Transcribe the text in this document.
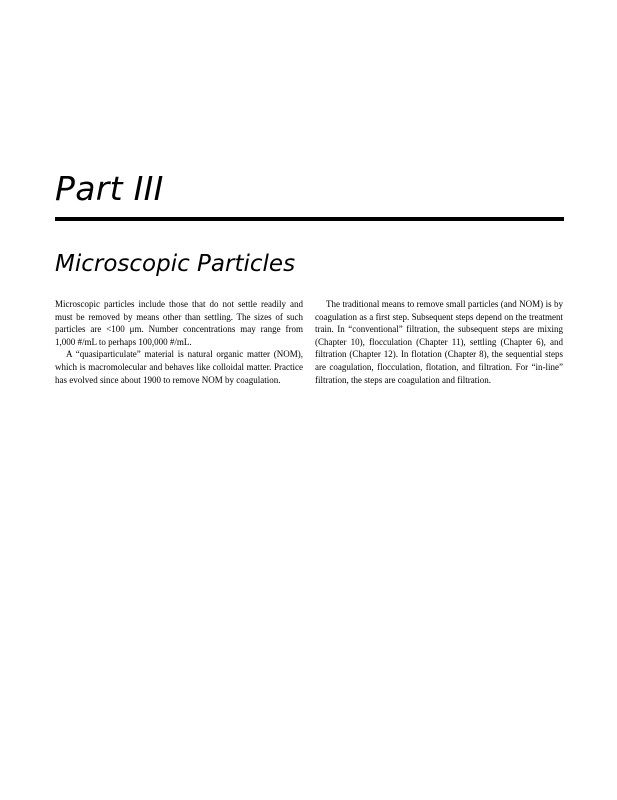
Part III
Microscopic Particles

Microscopic particles include those that do not settle readily and must be removed by means other than settling. The sizes of such particles are <100 μm. Number concentrations may range from 1,000 #/mL to perhaps 100,000 #/mL.

A “quasiparticulate” material is natural organic matter (NOM), which is macromolecular and behaves like colloidal matter. Practice has evolved since about 1900 to remove NOM by coagulation.

The traditional means to remove small particles (and NOM) is by coagulation as a first step. Subsequent steps depend on the treatment train. In “conventional” filtration, the subsequent steps are mixing (Chapter 10), flocculation (Chapter 11), settling (Chapter 6), and filtration (Chapter 12). In flotation (Chapter 8), the sequential steps are coagulation, flocculation, flotation, and filtration. For “in-line” filtration, the steps are coagulation and filtration.
